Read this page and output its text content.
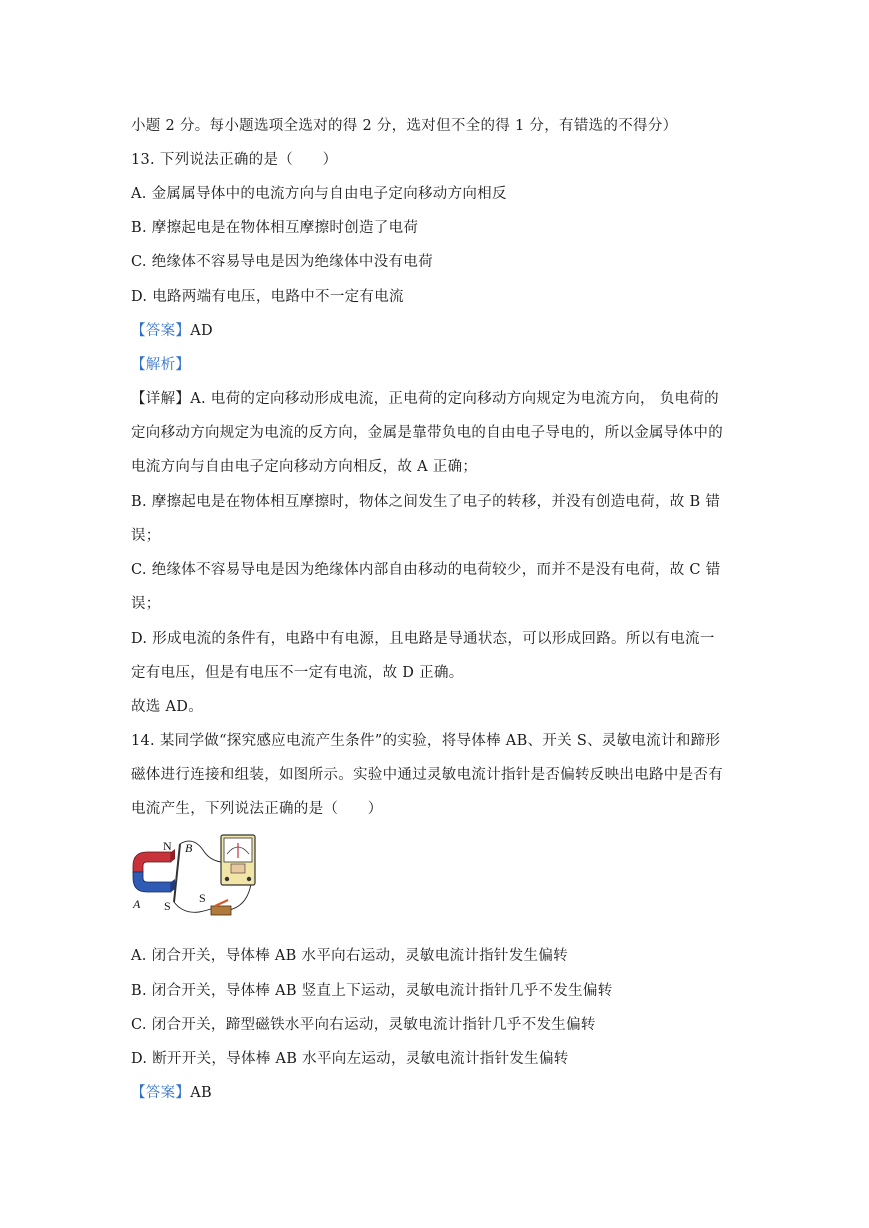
小题 2 分。每小题选项全选对的得 2 分，选对但不全的得 1 分，有错选的不得分）
13. 下列说法正确的是（　　）
A. 金属属导体中的电流方向与自由电子定向移动方向相反
B. 摩擦起电是在物体相互摩擦时创造了电荷
C. 绝缘体不容易导电是因为绝缘体中没有电荷
D. 电路两端有电压，电路中不一定有电流
【答案】AD
【解析】
【详解】A. 电荷的定向移动形成电流，正电荷的定向移动方向规定为电流方向， 负电荷的
定向移动方向规定为电流的反方向，金属是靠带负电的自由电子导电的，所以金属导体中的
电流方向与自由电子定向移动方向相反，故 A 正确；
B. 摩擦起电是在物体相互摩擦时，物体之间发生了电子的转移，并没有创造电荷，故 B 错
误；
C. 绝缘体不容易导电是因为绝缘体内部自由移动的电荷较少，而并不是没有电荷，故 C 错
误；
D. 形成电流的条件有，电路中有电源，且电路是导通状态，可以形成回路。所以有电流一
定有电压，但是有电压不一定有电流，故 D 正确。
故选 AD。
14. 某同学做“探究感应电流产生条件”的实验，将导体棒 AB、开关 S、灵敏电流计和蹄形
磁体进行连接和组装，如图所示。实验中通过灵敏电流计指针是否偏转反映出电路中是否有
电流产生，下列说法正确的是（　　）
N B
A S
S
A. 闭合开关，导体棒 AB 水平向右运动，灵敏电流计指针发生偏转
B. 闭合开关，导体棒 AB 竖直上下运动，灵敏电流计指针几乎不发生偏转
C. 闭合开关，蹄型磁铁水平向右运动，灵敏电流计指针几乎不发生偏转
D. 断开开关，导体棒 AB 水平向左运动，灵敏电流计指针发生偏转
【答案】AB
